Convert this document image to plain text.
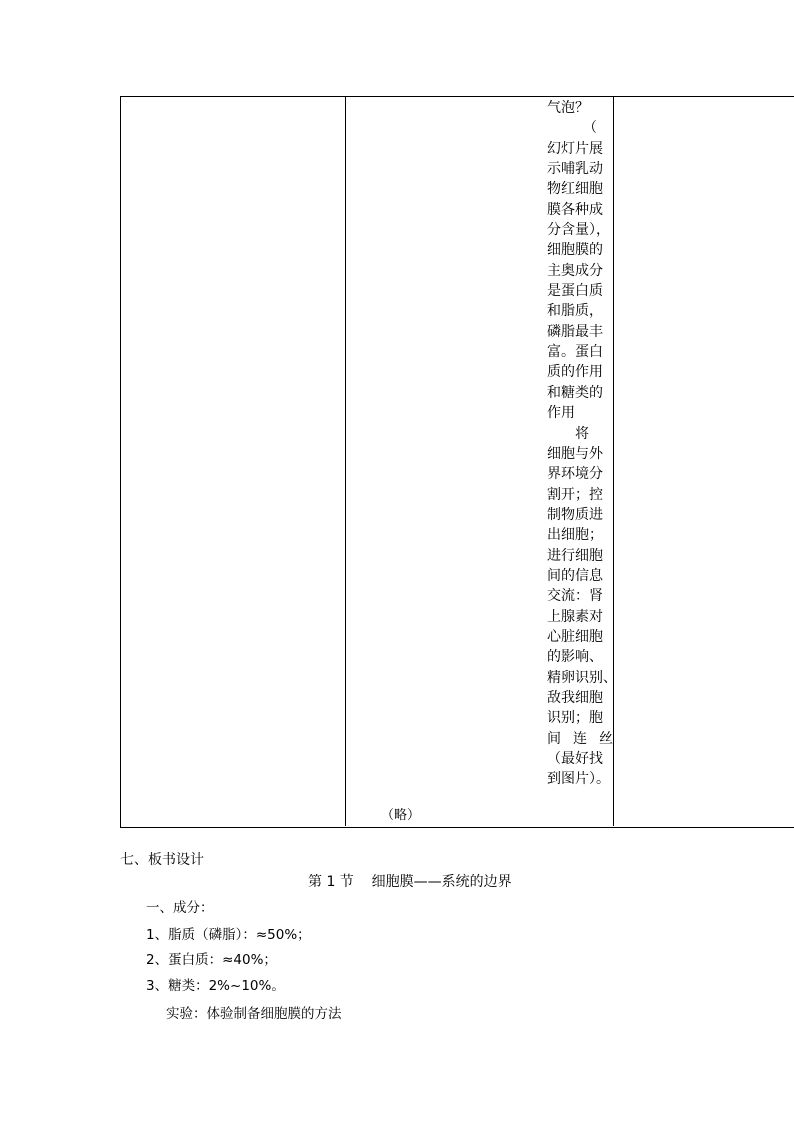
气泡？
（
幻灯片展
示哺乳动
物红细胞
膜各种成
分含量），
细胞膜的
主奥成分
是蛋白质
和脂质，
磷脂最丰
富。蛋白
质的作用
和糖类的
作用
将
细胞与外
界环境分
割开；控
制物质进
出细胞；
进行细胞
间的信息
交流：肾
上腺素对
心脏细胞
的影响、
精卵识别、
敌我细胞
识别；胞
间 连 丝
（最好找
到图片）。
（略）
七、板书设计
第 1 节    细胞膜——系统的边界
一、成分：
1、脂质（磷脂）：≈50%；
2、蛋白质：≈40%；
3、糖类：2%~10%。
实验：体验制备细胞膜的方法
